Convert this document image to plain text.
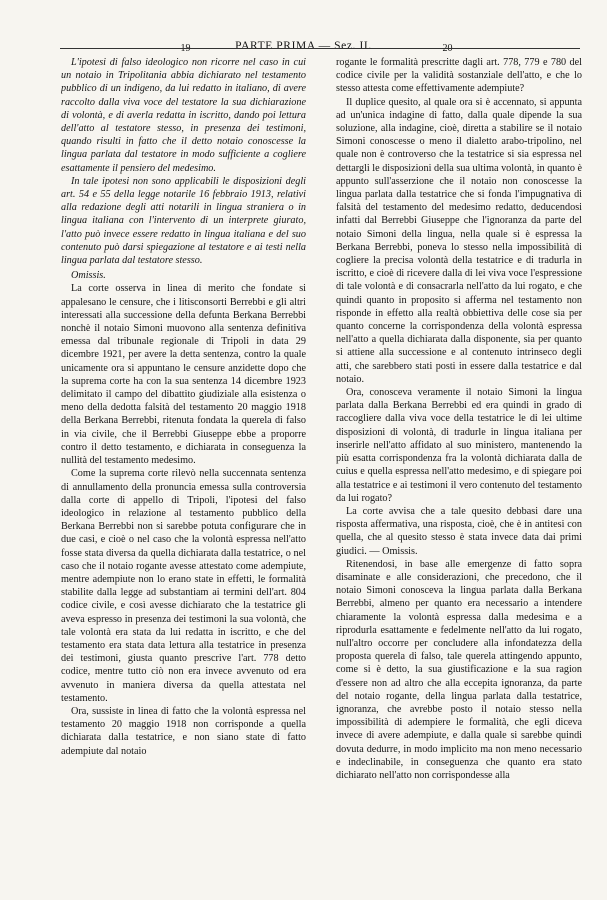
— 19 —	PARTE PRIMA — Sez. II.	— 20 —

L'ipotesi di falso ideologico non ricorre nel caso in cui un notaio in Tripolitania abbia dichiarato nel testamento pubblico di un indigeno, da lui redatto in italiano, di avere raccolto dalla viva voce del testatore la sua dichiarazione di volontà, e di averla redatta in iscritto, dando poi lettura dell'atto al testatore stesso, in presenza dei testimoni, quando risulti in fatto che il detto notaio conoscesse la lingua parlata dal testatore in modo sufficiente a cogliere esattamente il pensiero del medesimo.

In tale ipotesi non sono applicabili le disposizioni degli art. 54 e 55 della legge notarile 16 febbraio 1913, relativi alla redazione degli atti notarili in lingua straniera o in lingua italiana con l'intervento di un interprete giurato, l'atto può invece essere redatto in lingua italiana e del suo contenuto può darsi spiegazione al testatore e ai testi nella lingua parlata dal testatore stesso.

Omissis.

La corte osserva in linea di merito che fondate si appalesano le censure, che i litisconsorti Berrebbi e gli altri interessati alla successione della defunta Berkana Berrebbi nonchè il notaio Simoni muovono alla sentenza definitiva emessa dal tribunale regionale di Tripoli in data 29 dicembre 1921, per avere la detta sentenza, contro la quale unicamente ora si appuntano le censure anzidette dopo che la suprema corte ha con la sua sentenza 14 dicembre 1923 delimitato il campo del dibattito giudiziale alla esistenza o meno della dedotta falsità del testamento 20 maggio 1918 della Berkana Berrebbi, ritenuta fondata la querela di falso in via civile, che il Berrebbi Giuseppe ebbe a proporre contro il detto testamento, e dichiarata in conseguenza la nullità del testamento medesimo.

Come la suprema corte rilevò nella succennata sentenza di annullamento della pronuncia emessa sulla controversia dalla corte di appello di Tripoli, l'ipotesi del falso ideologico in relazione al testamento pubblico della Berkana Berrebbi non si sarebbe potuta configurare che in due casi, e cioè o nel caso che la volontà espressa nell'atto fosse stata diversa da quella dichiarata dalla testatrice, o nel caso che il notaio rogante avesse attestato come adempiute, mentre adempiute non lo erano state in effetti, le formalità stabilite dalla legge ad substantiam ai termini dell'art. 804 codice civile, e così avesse dichiarato che la testatrice gli aveva espresso in presenza dei testimoni la sua volontà, che tale volontà era stata da lui redatta in iscritto, e che del testamento era stata data lettura alla testatrice in presenza dei testimoni, giusta quanto prescrive l'art. 778 detto codice, mentre tutto ciò non era invece avvenuto od era avvenuto in maniera diversa da quella attestata nel testamento.

Ora, sussiste in linea di fatto che la volontà espressa nel testamento 20 maggio 1918 non corrisponde a quella dichiarata dalla testatrice, e non siano state di fatto adempiute dal notaio

rogante le formalità prescritte dagli art. 778, 779 e 780 del codice civile per la validità sostanziale dell'atto, e che lo stesso attesta come effettivamente adempiute?

Il duplice quesito, al quale ora si è accennato, si appunta ad un'unica indagine di fatto, dalla quale dipende la sua soluzione, alla indagine, cioè, diretta a stabilire se il notaio Simoni conoscesse o meno il dialetto arabo-tripolino, nel quale non è controverso che la testatrice si sia espressa nel dettargli le disposizioni della sua ultima volontà, in quanto è appunto sull'asserzione che il notaio non conoscesse la lingua parlata dalla testatrice che si fonda l'impugnativa di falsità del testamento del medesimo redatto, deducendosi infatti dal Berrebbi Giuseppe che l'ignoranza da parte del notaio Simoni della lingua, nella quale si è espressa la Berkana Berrebbi, poneva lo stesso nella impossibilità di cogliere la precisa volontà della testatrice e di tradurla in iscritto, e cioè di ricevere dalla di lei viva voce l'espressione di tale volontà e di consacrarla nell'atto da lui rogato, e che quindi quanto in proposito si afferma nel testamento non risponde in effetto alla realtà obbiettiva delle cose sia per quanto concerne la corrispondenza della volontà espressa nell'atto a quella dichiarata dalla disponente, sia per quanto si attiene alla successione e al contenuto intrinseco degli atti, che sarebbero stati posti in essere dalla testatrice e dal notaio.

Ora, conosceva veramente il notaio Simoni la lingua parlata dalla Berkana Berrebbi ed era quindi in grado di raccogliere dalla viva voce della testatrice le di lei ultime disposizioni di volontà, di tradurle in lingua italiana per inserirle nell'atto affidato al suo ministero, mantenendo la più esatta corrispondenza fra la volontà dichiarata dalla de cuius e quella espressa nell'atto medesimo, e di spiegare poi alla testatrice e ai testimoni il vero contenuto del testamento da lui rogato?

La corte avvisa che a tale quesito debbasi dare una risposta affermativa, una risposta, cioè, che è in antitesi con quella, che al quesito stesso è stata invece data dai primi giudici. — Omissis.

Ritenendosi, in base alle emergenze di fatto sopra disaminate e alle considerazioni, che precedono, che il notaio Simoni conosceva la lingua parlata dalla Berkana Berrebbi, almeno per quanto era necessario a intendere chiaramente la volontà espressa dalla medesima e a riprodurla esattamente e fedelmente nell'atto da lui rogato, null'altro occorre per concludere alla infondatezza della proposta querela di falso, tale querela attingendo appunto, come si è detto, la sua giustificazione e la sua ragion d'essere non ad altro che alla eccepita ignoranza, da parte del notaio rogante, della lingua parlata dalla testatrice, ignoranza, che avrebbe posto il notaio stesso nella impossibilità di adempiere le formalità, che egli diceva invece di avere adempiute, e dalla quale si sarebbe quindi dovuta dedurre, in modo implicito ma non meno necessario e indeclinabile, in conseguenza che quanto era stato dichiarato nell'atto non corrispondesse alla
